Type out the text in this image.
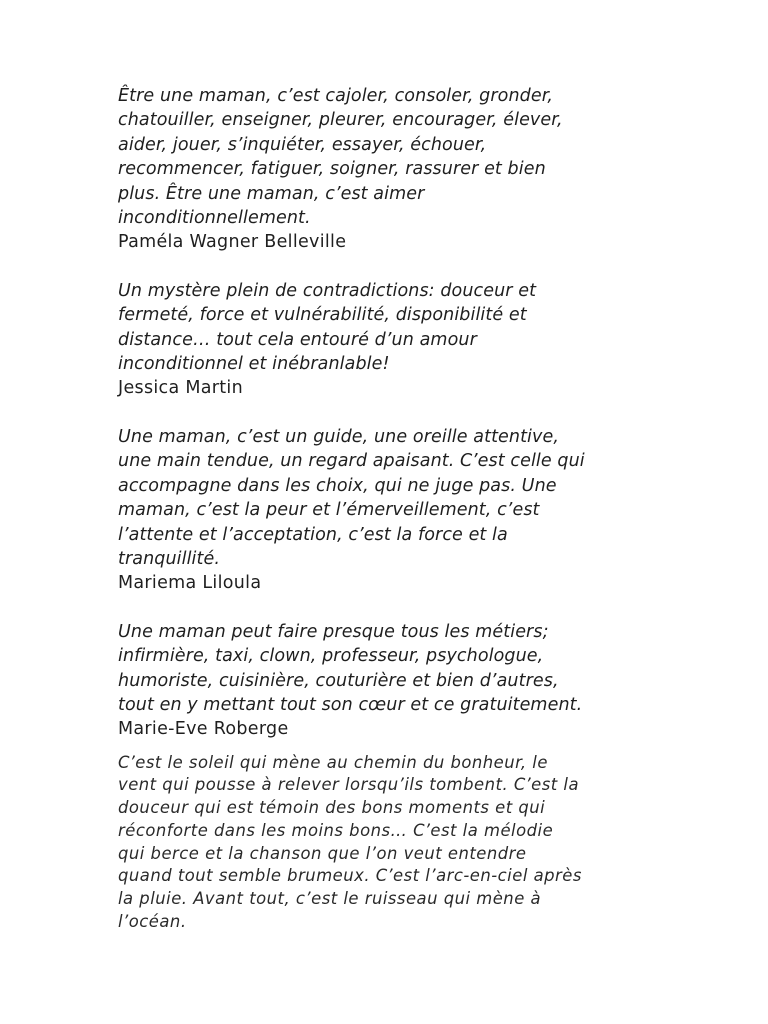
Être une maman, c’est cajoler, consoler, gronder,
chatouiller, enseigner, pleurer, encourager, élever,
aider, jouer, s’inquiéter, essayer, échouer,
recommencer, fatiguer, soigner, rassurer et bien
plus. Être une maman, c’est aimer
inconditionnellement.

Paméla Wagner Belleville

Un mystère plein de contradictions: douceur et
fermeté, force et vulnérabilité, disponibilité et
distance… tout cela entouré d’un amour
inconditionnel et inébranlable!

Jessica Martin

Une maman, c’est un guide, une oreille attentive,
une main tendue, un regard apaisant. C’est celle qui
accompagne dans les choix, qui ne juge pas. Une
maman, c’est la peur et l’émerveillement, c’est
l’attente et l’acceptation, c’est la force et la
tranquillité.

Mariema Liloula

Une maman peut faire presque tous les métiers;
infirmière, taxi, clown, professeur, psychologue,
humoriste, cuisinière, couturière et bien d’autres,
tout en y mettant tout son cœur et ce gratuitement.

Marie-Eve Roberge

C’est le soleil qui mène au chemin du bonheur, le
vent qui pousse à relever lorsqu’ils tombent. C’est la
douceur qui est témoin des bons moments et qui
réconforte dans les moins bons… C’est la mélodie
qui berce et la chanson que l’on veut entendre
quand tout semble brumeux. C’est l’arc-en-ciel après
la pluie. Avant tout, c’est le ruisseau qui mène à
l’océan.
